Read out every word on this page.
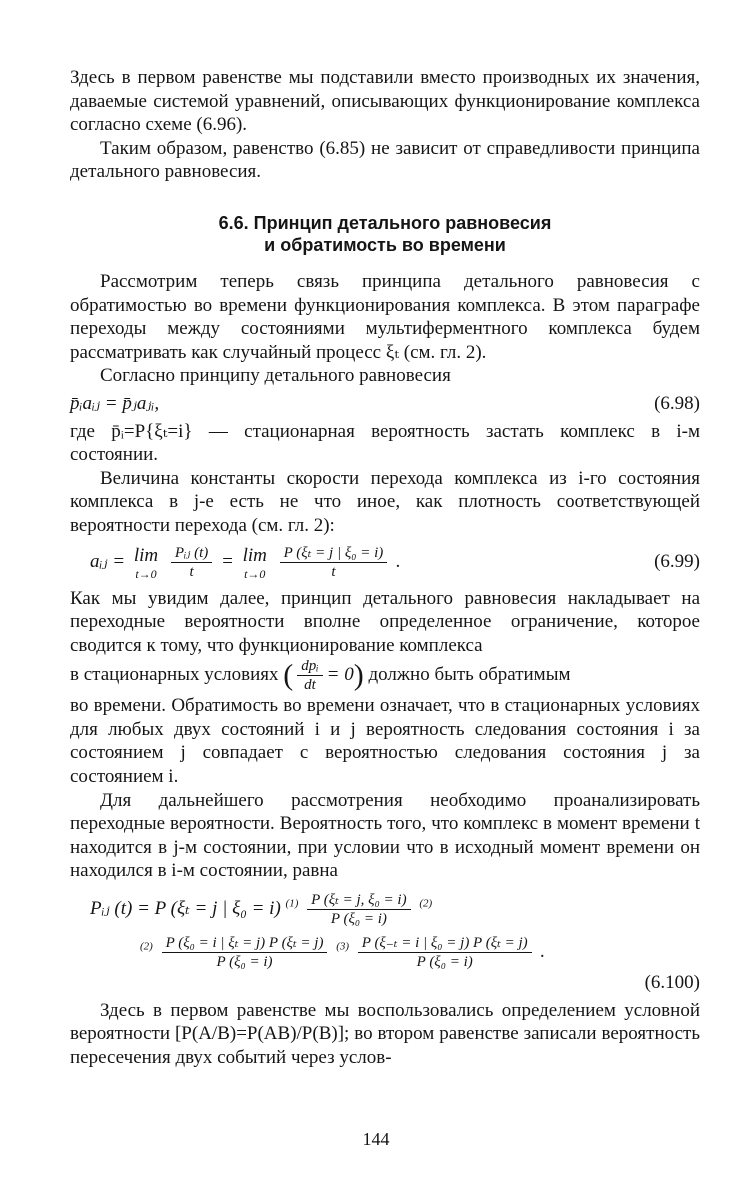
Здесь в первом равенстве мы подставили вместо производных их значения, даваемые системой уравнений, описывающих функционирование комплекса согласно схеме (6.96).

Таким образом, равенство (6.85) не зависит от справедливости принципа детального равновесия.

6.6. Принцип детального равновесия
и обратимость во времени

Рассмотрим теперь связь принципа детального равновесия с обратимостью во времени функционирования комплекса. В этом параграфе переходы между состояниями мультиферментного комплекса будем рассматривать как случайный процесс ξₜ (см. гл. 2).

Согласно принципу детального равновесия

p̄ᵢaᵢⱼ = p̄ⱼaⱼᵢ,	(6.98)

где p̄ᵢ=P{ξₜ=i} — стационарная вероятность застать комплекс в i-м состоянии.

Величина константы скорости перехода комплекса из i-го состояния комплекса в j-е есть не что иное, как плотность соответствующей вероятности перехода (см. гл. 2):

aᵢⱼ = lim
t→0
$\frac{\text{Pᵢⱼ (t)}}{t} = \lim$
t→0
$\frac{\text{P (ξₜ = j | ξ₀ = i)}}{t}$ .	(6.99)

Как мы увидим далее, принцип детального равновесия накладывает на переходные вероятности вполне определенное ограничение, которое сводится к тому, что функционирование комплекса

в стационарных условиях ( $\frac{\text{dpᵢ}}{dt} = 0$) должно быть обратимым

во времени. Обратимость во времени означает, что в стационарных условиях для любых двух состояний i и j вероятность следования состояния i за состоянием j совпадает с вероятностью следования состояния j за состоянием i.

Для дальнейшего рассмотрения необходимо проанализировать переходные вероятности. Вероятность того, что комплекс в момент времени t находится в j-м состоянии, при условии что в исходный момент времени он находился в i-м состоянии, равна

Pᵢⱼ (t) = P (ξₜ = j | ξ₀ = i) $^{(1)} \frac{\text{P (ξₜ = j, ξ₀ = i)}}{\text{P (ξ₀ = i)}} ^{(2)}$
$^{(2)} \frac{\text{P (ξ₀ = i | ξₜ = j) P (ξₜ = j)}}{\text{P (ξ₀ = i)}} ^{(3)} \frac{\text{P (ξ₋ₜ = i | ξ₀ = j) P (ξₜ = j)}}{\text{P (ξ₀ = i)}}$ .
(6.100)

Здесь в первом равенстве мы воспользовались определением условной вероятности [P(A/B)=P(AB)/P(B)]; во втором равенстве записали вероятность пересечения двух событий через услов-

144
